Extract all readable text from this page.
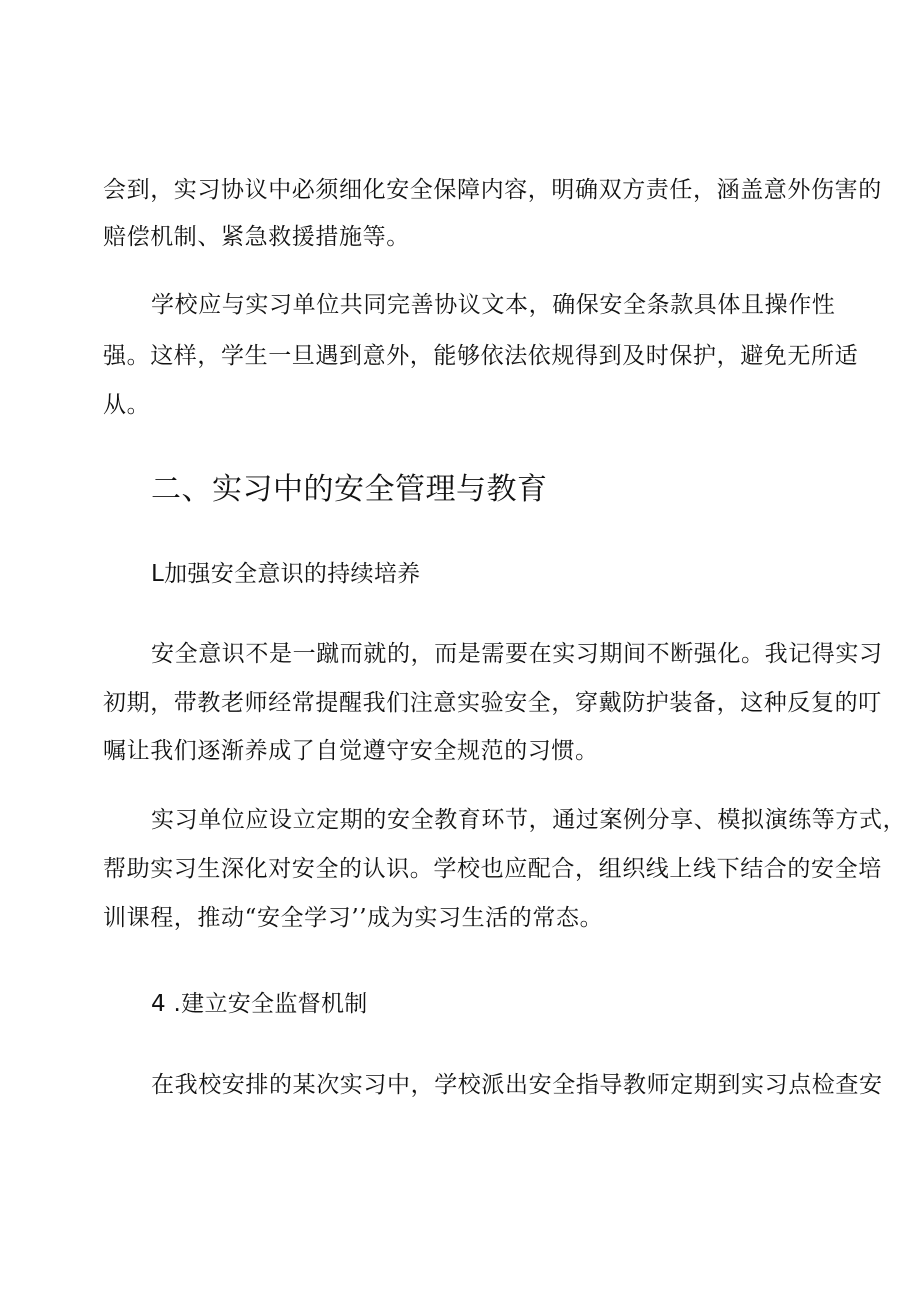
会到，实习协议中必须细化安全保障内容，明确双方责任，涵盖意外伤害的

赔偿机制、紧急救援措施等。

学校应与实习单位共同完善协议文本，确保安全条款具体且操作性

强。这样，学生一旦遇到意外，能够依法依规得到及时保护，避免无所适

从。

二、实习中的安全管理与教育
L加强安全意识的持续培养

安全意识不是一蹴而就的，而是需要在实习期间不断强化。我记得实习

初期，带教老师经常提醒我们注意实验安全，穿戴防护装备，这种反复的叮

嘱让我们逐渐养成了自觉遵守安全规范的习惯。

实习单位应设立定期的安全教育环节，通过案例分享、模拟演练等方式，

帮助实习生深化对安全的认识。学校也应配合，组织线上线下结合的安全培

训课程，推动“安全学习’’成为实习生活的常态。

4 .建立安全监督机制

在我校安排的某次实习中，学校派出安全指导教师定期到实习点检查安
